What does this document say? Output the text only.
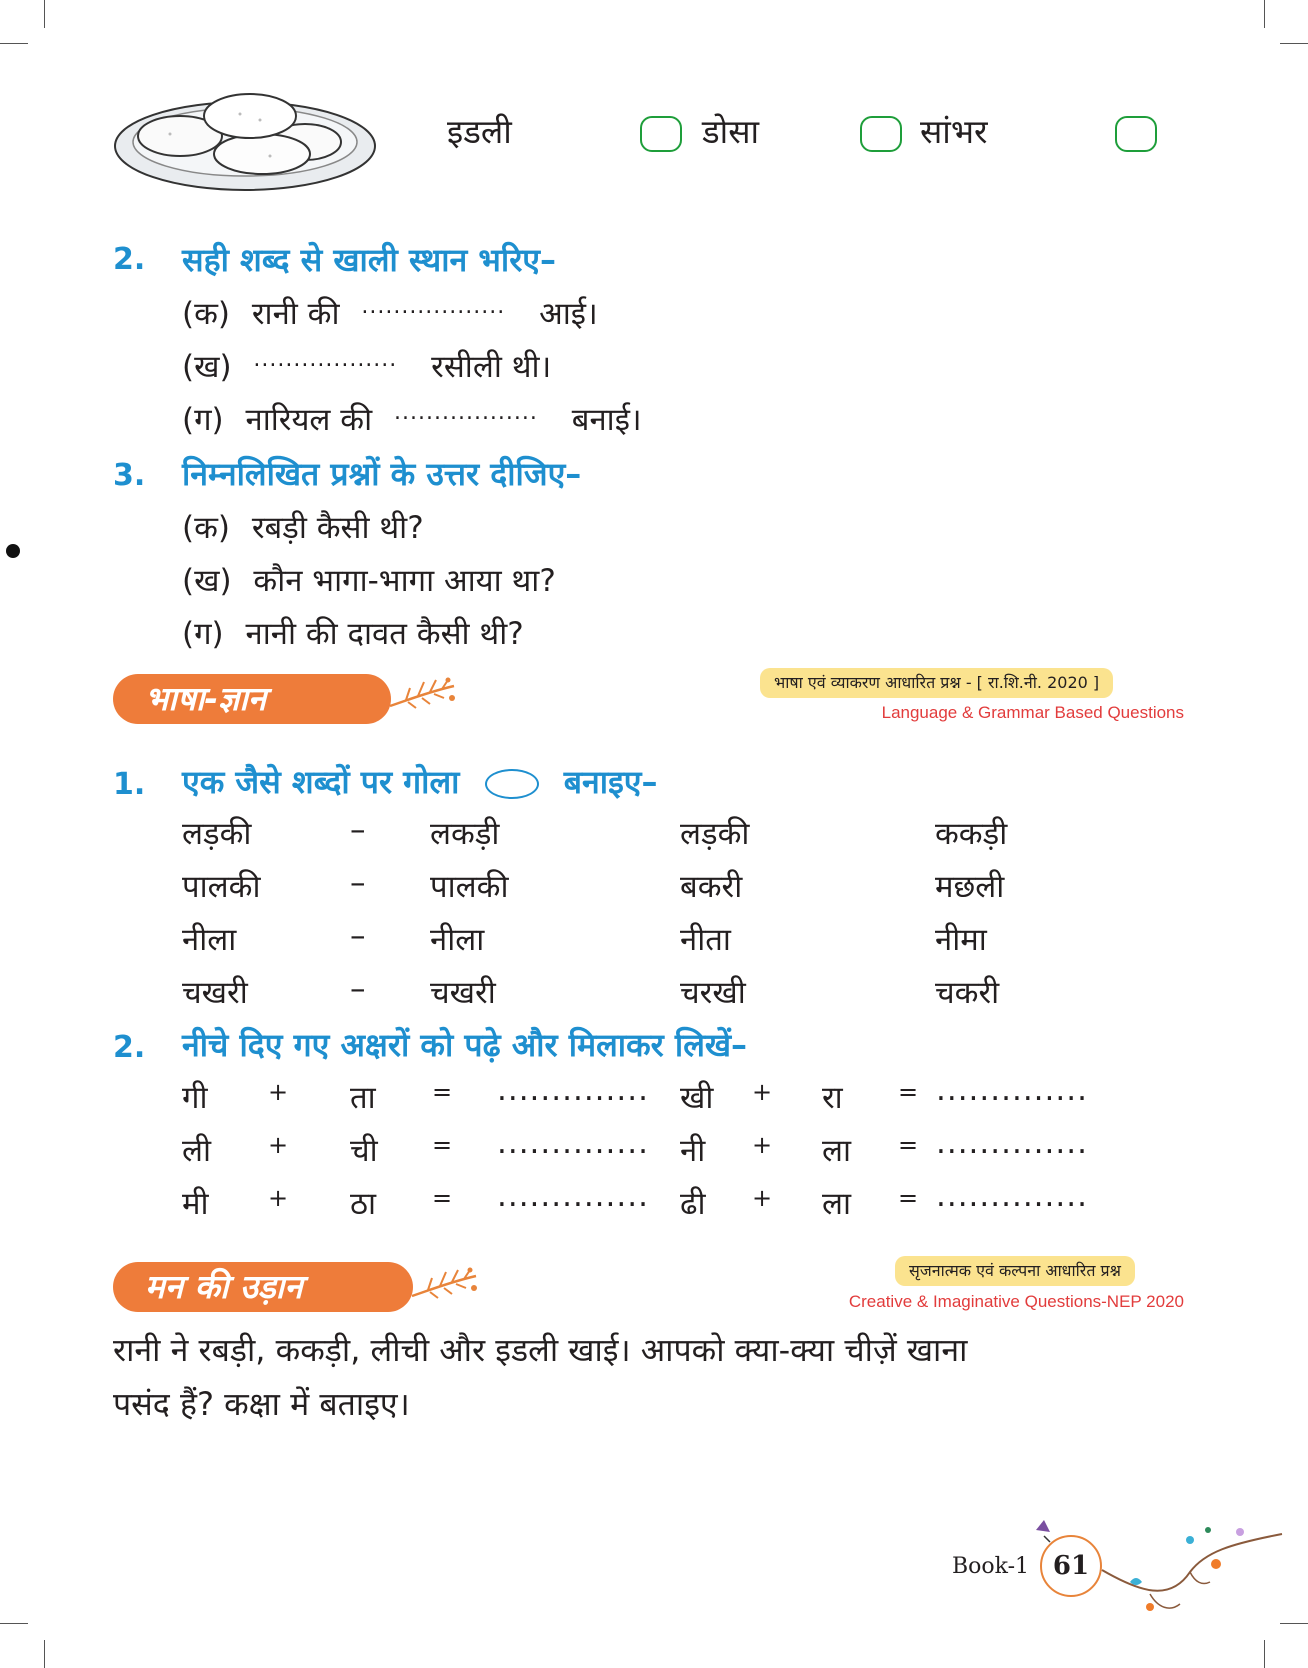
इडली	डोसा	सांभर
2. सही शब्द से खाली स्थान भरिए–
(क) रानी की .................. आई।
(ख) .................. रसीली थी।
(ग) नारियल की .................. बनाई।
3. निम्नलिखित प्रश्नों के उत्तर दीजिए–
(क) रबड़ी कैसी थी?
(ख) कौन भागा-भागा आया था?
(ग) नानी की दावत कैसी थी?
भाषा-ज्ञान	भाषा एवं व्याकरण आधारित प्रश्न - [ रा.शि.नी. 2020 ]
Language & Grammar Based Questions
1. एक जैसे शब्दों पर गोला	बनाइए–
लड़की	– लकड़ी	लड़की	ककड़ी
पालकी	– पालकी	बकरी	मछली
नीला	– नीला	नीता	नीमा
चखरी	– चखरी	चरखी	चकरी
2. नीचे दिए गए अक्षरों को पढ़े और मिलाकर लिखें–
गी	+ ता = .............. खी + रा = ..............
ली + ची = .............. नी + ला = ..............
मी + ठा = .............. ढी + ला = ..............
मन की उड़ान	सृजनात्मक एवं कल्पना आधारित प्रश्न
Creative & Imaginative Questions-NEP 2020
रानी ने रबड़ी, ककड़ी, लीची और इडली खाई। आपको क्या-क्या चीज़ें खाना
पसंद हैं? कक्षा में बताइए।
Book-1 61
